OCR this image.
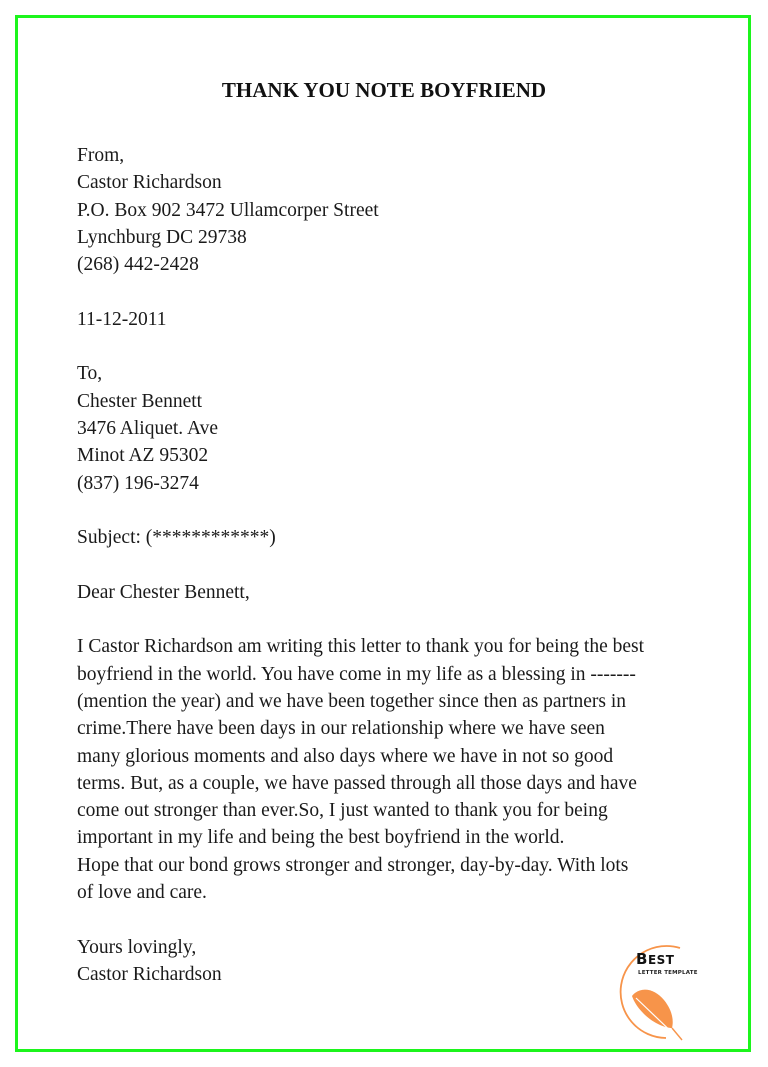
THANK YOU NOTE BOYFRIEND
From,
Castor Richardson
P.O. Box 902 3472 Ullamcorper Street
Lynchburg DC 29738
(268) 442-2428
11-12-2011
To,
Chester Bennett
3476 Aliquet. Ave
Minot AZ 95302
(837) 196-3274
Subject: (************)
Dear Chester Bennett,
I Castor Richardson am writing this letter to thank you for being the best
boyfriend in the world. You have come in my life as a blessing in -------
(mention the year) and we have been together since then as partners in
crime.There have been days in our relationship where we have seen
many glorious moments and also days where we have in not so good
terms. But, as a couple, we have passed through all those days and have
come out stronger than ever.So, I just wanted to thank you for being
important in my life and being the best boyfriend in the world.
Hope that our bond grows stronger and stronger, day-by-day. With lots
of love and care.
Yours lovingly,
Castor Richardson
BEST
LETTER TEMPLATE
